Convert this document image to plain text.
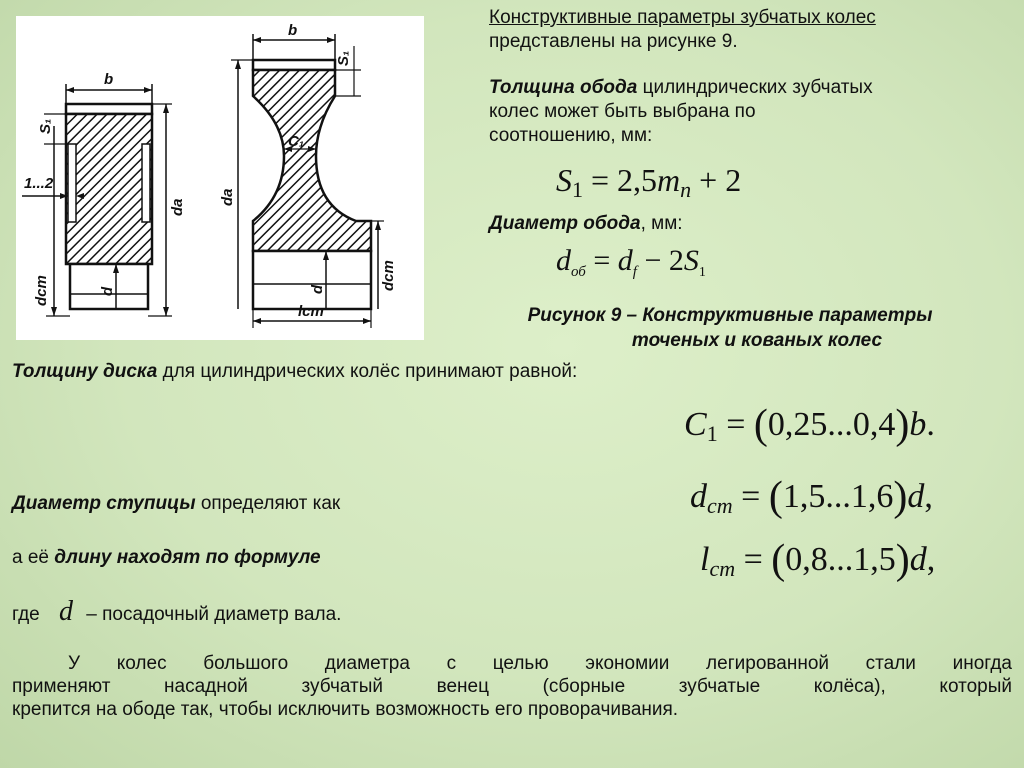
b
S₁
1...2
da
dст	d
b
S₁
da
C₁
d	dст
lст
Конструктивные параметры зубчатых колес
представлены на рисунке 9.
Толщина обода цилиндрических зубчатых
колес может быть выбрана по
соотношению, мм:
S1 = 2,5mn + 2
Диаметр обода, мм:
$d_{об} = d_f - 2S_1$
Рисунок 9 – Конструктивные параметры
точеных и кованых колес
Толщину диска для цилиндрических колёс принимают равной:
C1 = (0,25...0,4)b.
Диаметр ступицы определяют как	dcm = (1,5...1,6)d,
а её длину находят по формуле	lcm = (0,8...1,5)d,
где d – посадочный диаметр вала.
У колес большого диаметра с целью экономии легированной стали иногда
применяют насадной зубчатый венец (сборные зубчатые колёса), который
крепится на ободе так, чтобы исключить возможность его проворачивания.
